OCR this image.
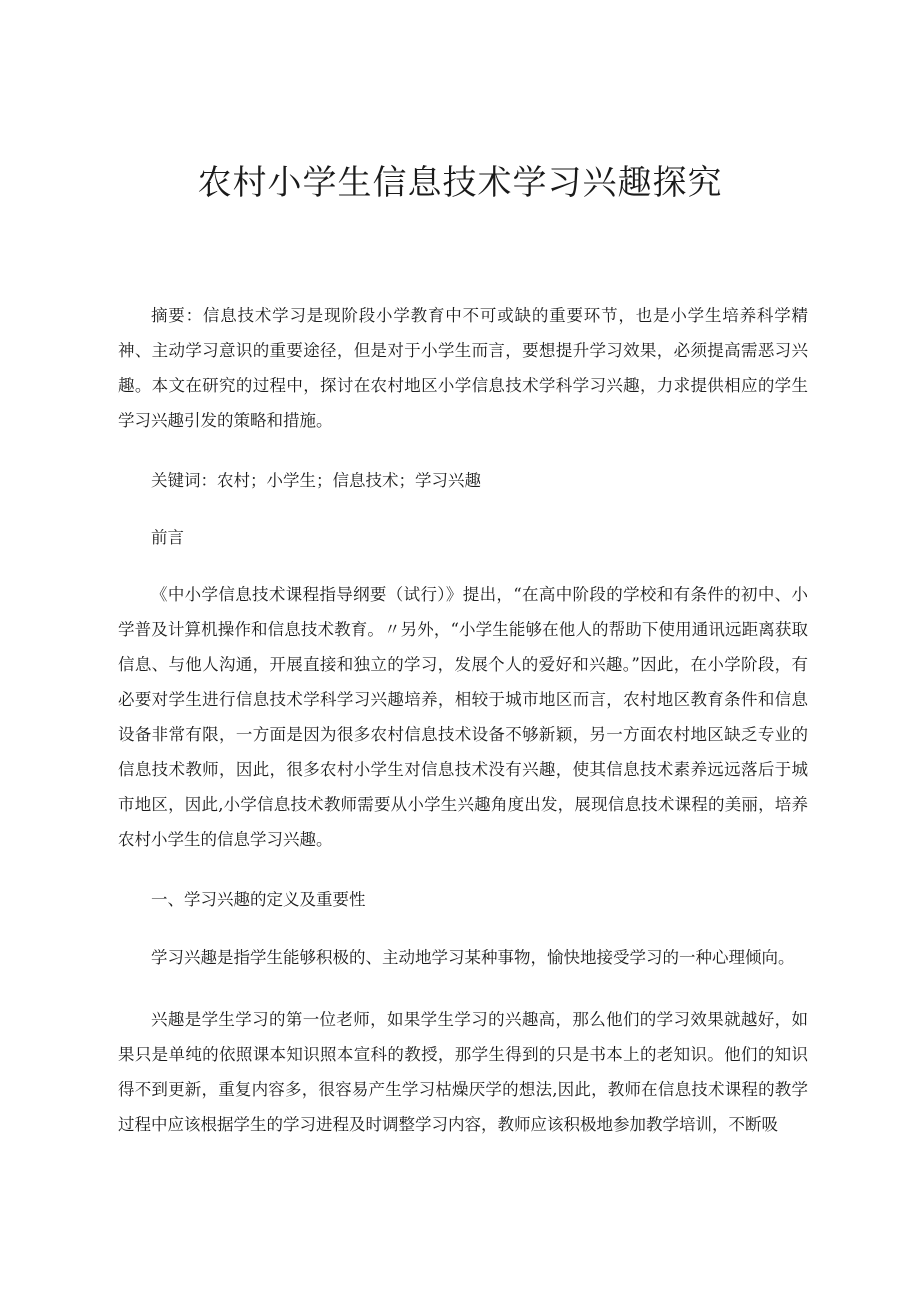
农村小学生信息技术学习兴趣探究

摘要：信息技术学习是现阶段小学教育中不可或缺的重要环节，也是小学生培养科学精神、主动学习意识的重要途径，但是对于小学生而言，要想提升学习效果，必须提高需恶习兴趣。本文在研究的过程中，探讨在农村地区小学信息技术学科学习兴趣，力求提供相应的学生学习兴趣引发的策略和措施。

关键词：农村；小学生；信息技术；学习兴趣

前言

《中小学信息技术课程指导纲要（试行）》提出，“在高中阶段的学校和有条件的初中、小学普及计算机操作和信息技术教育。〃另外，“小学生能够在他人的帮助下使用通讯远距离获取信息、与他人沟通，开展直接和独立的学习，发展个人的爱好和兴趣。”因此，在小学阶段，有必要对学生进行信息技术学科学习兴趣培养，相较于城市地区而言，农村地区教育条件和信息设备非常有限，一方面是因为很多农村信息技术设备不够新颖，另一方面农村地区缺乏专业的信息技术教师，因此，很多农村小学生对信息技术没有兴趣，使其信息技术素养远远落后于城市地区，因此,小学信息技术教师需要从小学生兴趣角度出发，展现信息技术课程的美丽，培养农村小学生的信息学习兴趣。

一、学习兴趣的定义及重要性

学习兴趣是指学生能够积极的、主动地学习某种事物，愉快地接受学习的一种心理倾向。

兴趣是学生学习的第一位老师，如果学生学习的兴趣高，那么他们的学习效果就越好，如果只是单纯的依照课本知识照本宣科的教授，那学生得到的只是书本上的老知识。他们的知识得不到更新，重复内容多，很容易产生学习枯燥厌学的想法,因此，教师在信息技术课程的教学过程中应该根据学生的学习进程及时调整学习内容，教师应该积极地参加教学培训，不断吸
